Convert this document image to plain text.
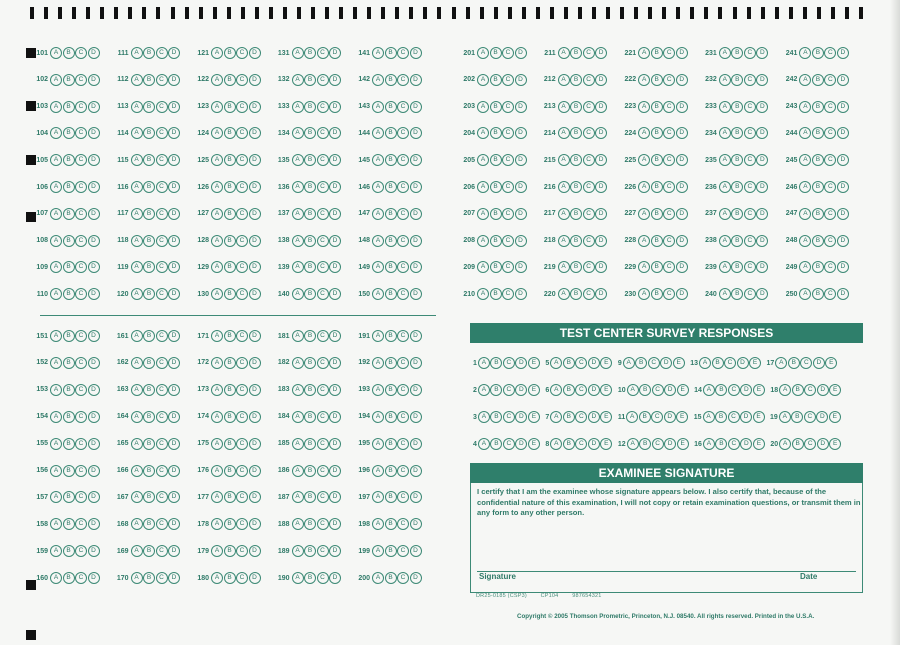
101 A	B	C	D
102 A	B	C	D
103 A	B	C	D
104 A	B	C	D
105 A	B	C	D
106 A	B	C	D
107 A	B	C	D
108 A	B	C	D
109 A	B	C	D
110 A	B	C	D
111 A	B	C	D
112 A	B	C	D
113 A	B	C	D
114 A	B	C	D
115 A	B	C	D
116 A	B	C	D
117 A	B	C	D
118 A	B	C	D
119 A	B	C	D
120 A	B	C	D
121 A	B	C	D
122 A	B	C	D
123 A	B	C	D
124 A	B	C	D
125 A	B	C	D
126 A	B	C	D
127 A	B	C	D
128 A	B	C	D
129 A	B	C	D
130 A	B	C	D
131 A	B	C	D
132 A	B	C	D
133 A	B	C	D
134 A	B	C	D
135 A	B	C	D
136 A	B	C	D
137 A	B	C	D
138 A	B	C	D
139 A	B	C	D
140 A	B	C	D
141 A	B	C	D
142 A	B	C	D
143 A	B	C	D
144 A	B	C	D
145 A	B	C	D
146 A	B	C	D
147 A	B	C	D
148 A	B	C	D
149 A	B	C	D
150 A	B	C	D
151 A	B	C	D
152 A	B	C	D
153 A	B	C	D
154 A	B	C	D
155 A	B	C	D
156 A	B	C	D
157 A	B	C	D
158 A	B	C	D
159 A	B	C	D
160 A	B	C	D
161 A	B	C	D
162 A	B	C	D
163 A	B	C	D
164 A	B	C	D
165 A	B	C	D
166 A	B	C	D
167 A	B	C	D
168 A	B	C	D
169 A	B	C	D
170 A	B	C	D
171 A	B	C	D
172 A	B	C	D
173 A	B	C	D
174 A	B	C	D
175 A	B	C	D
176 A	B	C	D
177 A	B	C	D
178 A	B	C	D
179 A	B	C	D
180 A	B	C	D
181 A	B	C	D
182 A	B	C	D
183 A	B	C	D
184 A	B	C	D
185 A	B	C	D
186 A	B	C	D
187 A	B	C	D
188 A	B	C	D
189 A	B	C	D
190 A	B	C	D
191 A	B	C	D
192 A	B	C	D
193 A	B	C	D
194 A	B	C	D
195 A	B	C	D
196 A	B	C	D
197 A	B	C	D
198 A	B	C	D
199 A	B	C	D
200 A	B	C	D
201 A	B	C	D
202 A	B	C	D
203 A	B	C	D
204 A	B	C	D
205 A	B	C	D
206 A	B	C	D
207 A	B	C	D
208 A	B	C	D
209 A	B	C	D
210 A	B	C	D
211 A	B	C	D
212 A	B	C	D
213 A	B	C	D
214 A	B	C	D
215 A	B	C	D
216 A	B	C	D
217 A	B	C	D
218 A	B	C	D
219 A	B	C	D
220 A	B	C	D
221 A	B	C	D
222 A	B	C	D
223 A	B	C	D
224 A	B	C	D
225 A	B	C	D
226 A	B	C	D
227 A	B	C	D
228 A	B	C	D
229 A	B	C	D
230 A	B	C	D
231 A	B	C	D
232 A	B	C	D
233 A	B	C	D
234 A	B	C	D
235 A	B	C	D
236 A	B	C	D
237 A	B	C	D
238 A	B	C	D
239 A	B	C	D
240 A	B	C	D
241 A	B	C	D
242 A	B	C	D
243 A	B	C	D
244 A	B	C	D
245 A	B	C	D
246 A	B	C	D
247 A	B	C	D
248 A	B	C	D
249 A	B	C	D
250 A	B	C	D
TEST CENTER SURVEY RESPONSES
1 A	B	C	D	E	5 A	B	C	D	E	9 A	B	C	D	E	13 A	B	C	D	E	17 A	B	C	D	E
2 A	B	C	D	E	6 A	B	C	D	E	10 A	B	C	D	E	14 A	B	C	D	E	18 A	B	C	D	E
3 A	B	C	D	E	7 A	B	C	D	E	11 A	B	C	D	E	15 A	B	C	D	E	19 A	B	C	D	E
4 A	B	C	D	E	8 A	B	C	D	E	12 A	B	C	D	E	16 A	B	C	D	E	20 A	B	C	D	E
EXAMINEE SIGNATURE
I certify that I am the examinee whose signature appears below. I also certify that, because of the confidential nature of this examination, I will not copy or retain examination questions, or transmit them in any form to any other person.
Signature	Date
DR25-0185 (CSP3) CP104 987654321
Copyright © 2005 Thomson Prometric, Princeton, N.J. 08540. All rights reserved. Printed in the U.S.A.
